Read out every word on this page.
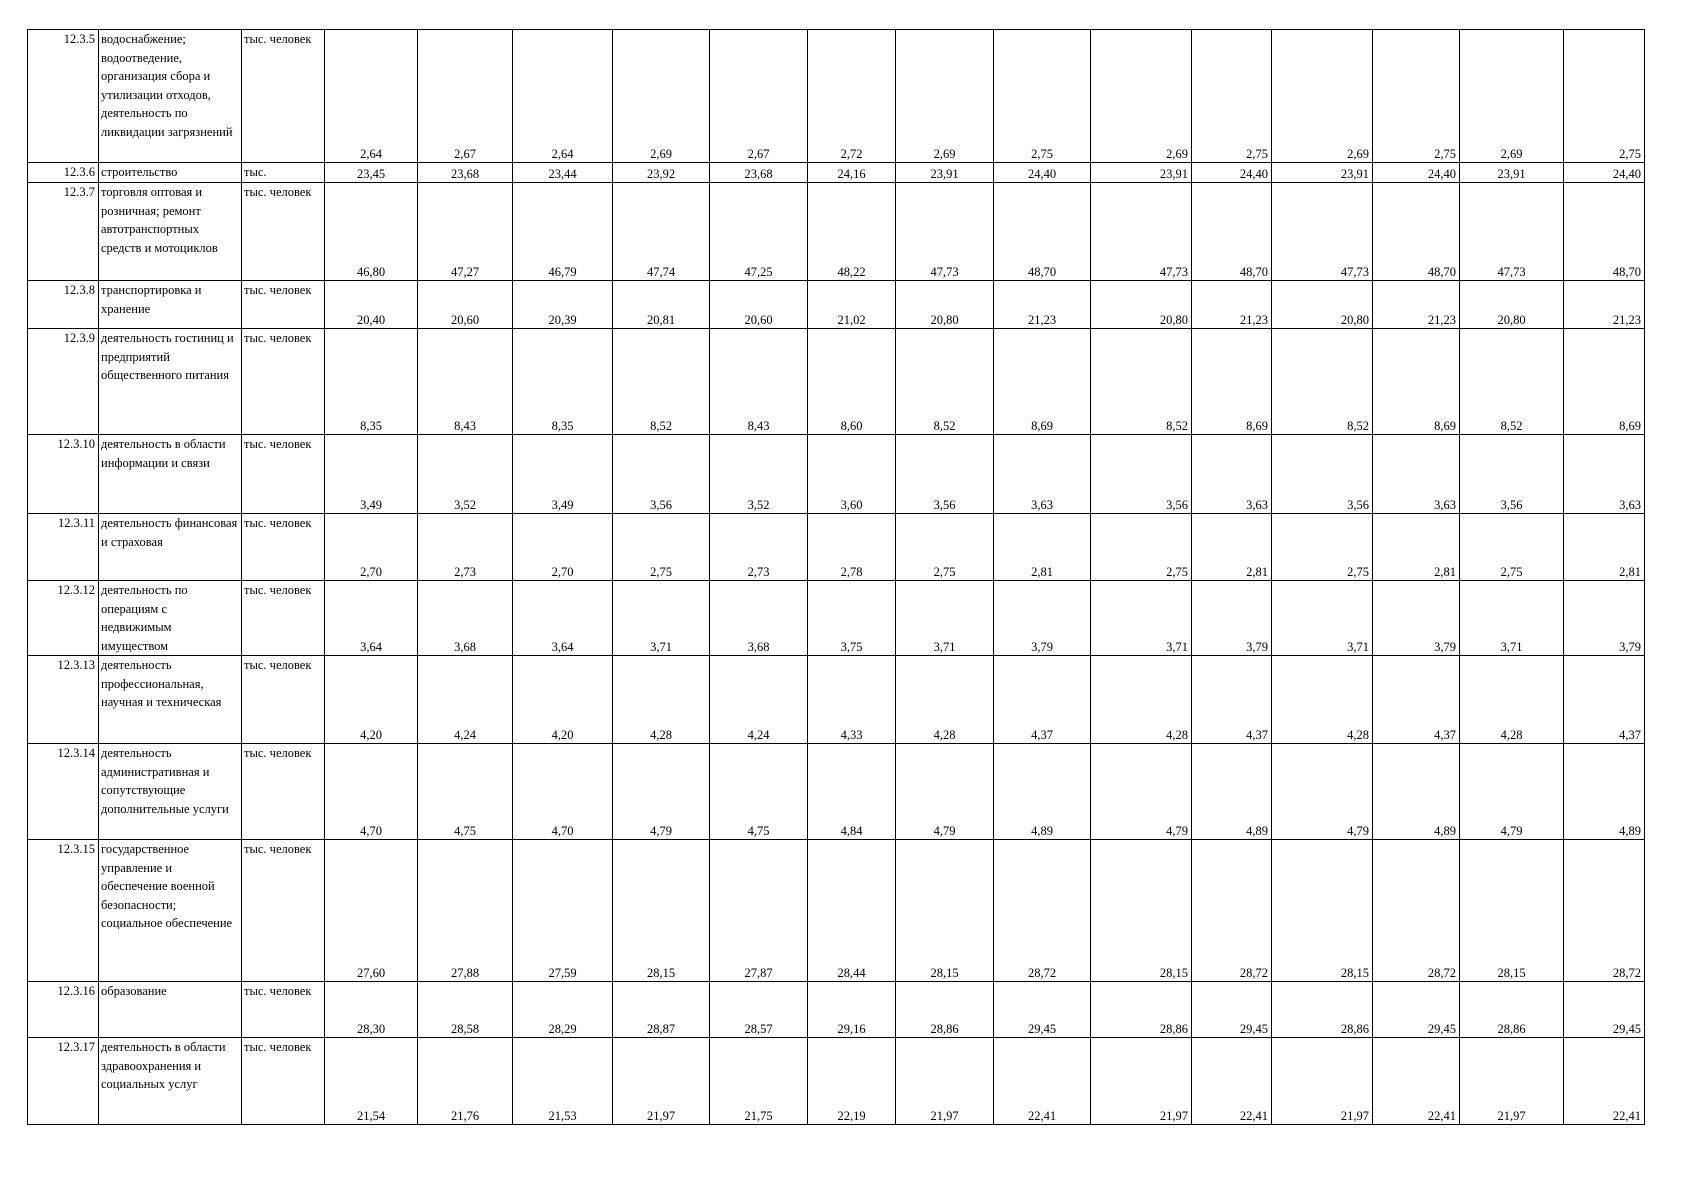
12.3.5	водоснабжение; водоотведение, организация сбора и утилизации отходов, деятельность по ликвидации загрязнений	тыс. человек	2,64	2,67	2,64	2,69	2,67	2,72	2,69	2,75	2,69	2,75	2,69	2,75	2,69	2,75
12.3.6	строительство	тыс.	23,45	23,68	23,44	23,92	23,68	24,16	23,91	24,40	23,91	24,40	23,91	24,40	23,91	24,40
12.3.7	торговля оптовая и розничная; ремонт автотранспортных средств и мотоциклов	тыс. человек	46,80	47,27	46,79	47,74	47,25	48,22	47,73	48,70	47,73	48,70	47,73	48,70	47,73	48,70
12.3.8	транспортировка и хранение	тыс. человек	20,40	20,60	20,39	20,81	20,60	21,02	20,80	21,23	20,80	21,23	20,80	21,23	20,80	21,23
12.3.9	деятельность гостиниц и предприятий общественного питания	тыс. человек	8,35	8,43	8,35	8,52	8,43	8,60	8,52	8,69	8,52	8,69	8,52	8,69	8,52	8,69
12.3.10	деятельность в области информации и связи	тыс. человек	3,49	3,52	3,49	3,56	3,52	3,60	3,56	3,63	3,56	3,63	3,56	3,63	3,56	3,63
12.3.11	деятельность финансовая и страховая	тыс. человек	2,70	2,73	2,70	2,75	2,73	2,78	2,75	2,81	2,75	2,81	2,75	2,81	2,75	2,81
12.3.12	деятельность по операциям с недвижимым имуществом	тыс. человек	3,64	3,68	3,64	3,71	3,68	3,75	3,71	3,79	3,71	3,79	3,71	3,79	3,71	3,79
12.3.13	деятельность профессиональная, научная и техническая	тыс. человек	4,20	4,24	4,20	4,28	4,24	4,33	4,28	4,37	4,28	4,37	4,28	4,37	4,28	4,37
12.3.14	деятельность административная и сопутствующие дополнительные услуги	тыс. человек	4,70	4,75	4,70	4,79	4,75	4,84	4,79	4,89	4,79	4,89	4,79	4,89	4,79	4,89
12.3.15	государственное управление и обеспечение военной безопасности; социальное обеспечение	тыс. человек	27,60	27,88	27,59	28,15	27,87	28,44	28,15	28,72	28,15	28,72	28,15	28,72	28,15	28,72
12.3.16	образование	тыс. человек	28,30	28,58	28,29	28,87	28,57	29,16	28,86	29,45	28,86	29,45	28,86	29,45	28,86	29,45
12.3.17	деятельность в области здравоохранения и социальных услуг	тыс. человек	21,54	21,76	21,53	21,97	21,75	22,19	21,97	22,41	21,97	22,41	21,97	22,41	21,97	22,41
